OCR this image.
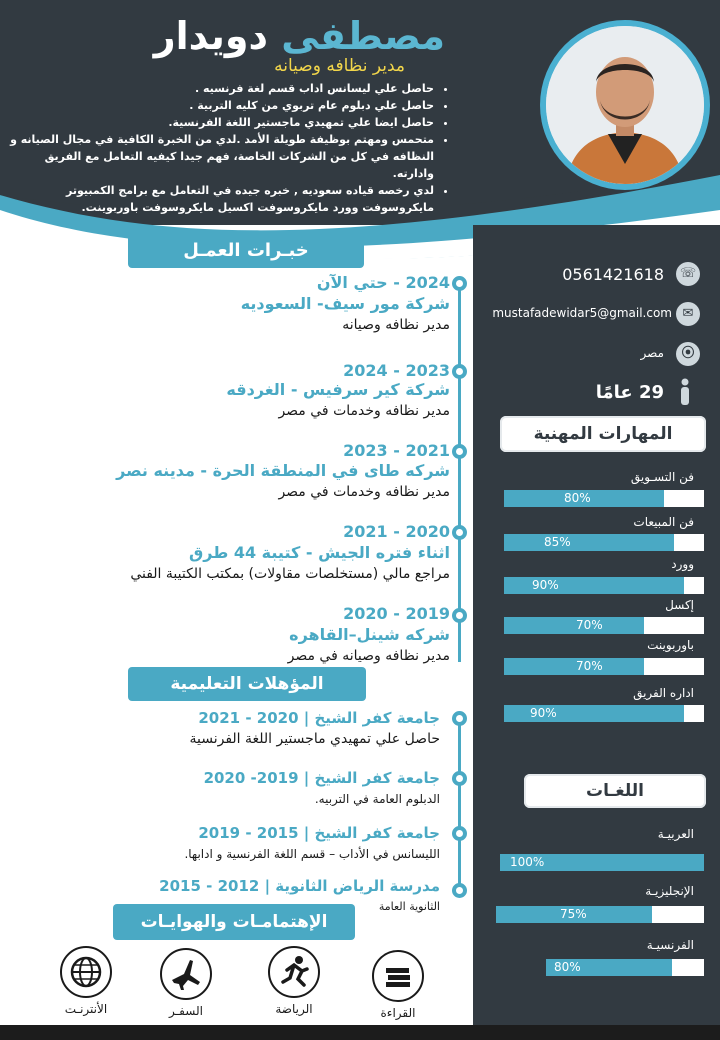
مصطفى دويدار
مدير نظافه وصيانه
• حاصل علي ليسانس اداب قسم لغة فرنسيه .
• حاصل علي دبلوم عام تربوي من كليه التربية .
• حاصل ايضا علي تمهيدي ماجستير اللغة الفرنسية.
• متحمس ومهتم بوظيفة طويلة الأمد .لدي من الخبرة الكافية في مجال الصيانه و النظافه في كل من الشركات الخاصة، فهم جيدا كيفيه التعامل مع الفريق وادارته.
• لدي رخصه قياده سعوديه , خبره جيده في التعامل مع برامج الكمبيوتر مايكروسوفت وورد مايكروسوفت اكسيل مايكروسوفت باوربوينت.
خبـرات العمـل
2024 - حتي الآن
شركة مور سيف- السعوديه
مدير نظافه وصيانه
2023 - 2024
شركة كير سرفيس - الغردقه
مدير نظافه وخدمات في مصر
2021 - 2023
شركه طاى في المنطقة الحرة - مدينه نصر
مدير نظافه وخدمات في مصر
2020 - 2021
اثناء فتره الجيش - كتيبة 44 طرق
مراجع مالي (مستخلصات مقاولات) بمكتب الكتيبة الفني
2019 - 2020
شركه شينل–القاهره
مدير نظافه وصيانه في مصر
المؤهلات التعليمية
جامعة كفر الشيخ | 2020 - 2021
حاصل علي تمهيدي ماجستير اللغة الفرنسية
جامعة كفر الشيخ | 2019- 2020
الدبلوم العامة في التربيه.
جامعة كفر الشيخ | 2015 - 2019
الليسانس في الأداب – قسم اللغة الفرنسية و ادابها.
مدرسة الرياض الثانوية | 2012 - 2015
الثانوية العامة
الإهتمامـات والهوايـات
القراءة
الرياضة
السفـر
الأنترنـت
0561421618 ☏
mustafadewidar5@gmail.com ✉
مصر	⦿
29 عامًا
المهارات المهنية
فن التسـويق
80%
فن المبيعات
85%
وورد
90%
إكسل
70%
باوربوينت
70%
اداره الفريق
90%
اللغـات
العربيـة
100%
الإنجليزيـة
75%
الفرنسيـة
80%
